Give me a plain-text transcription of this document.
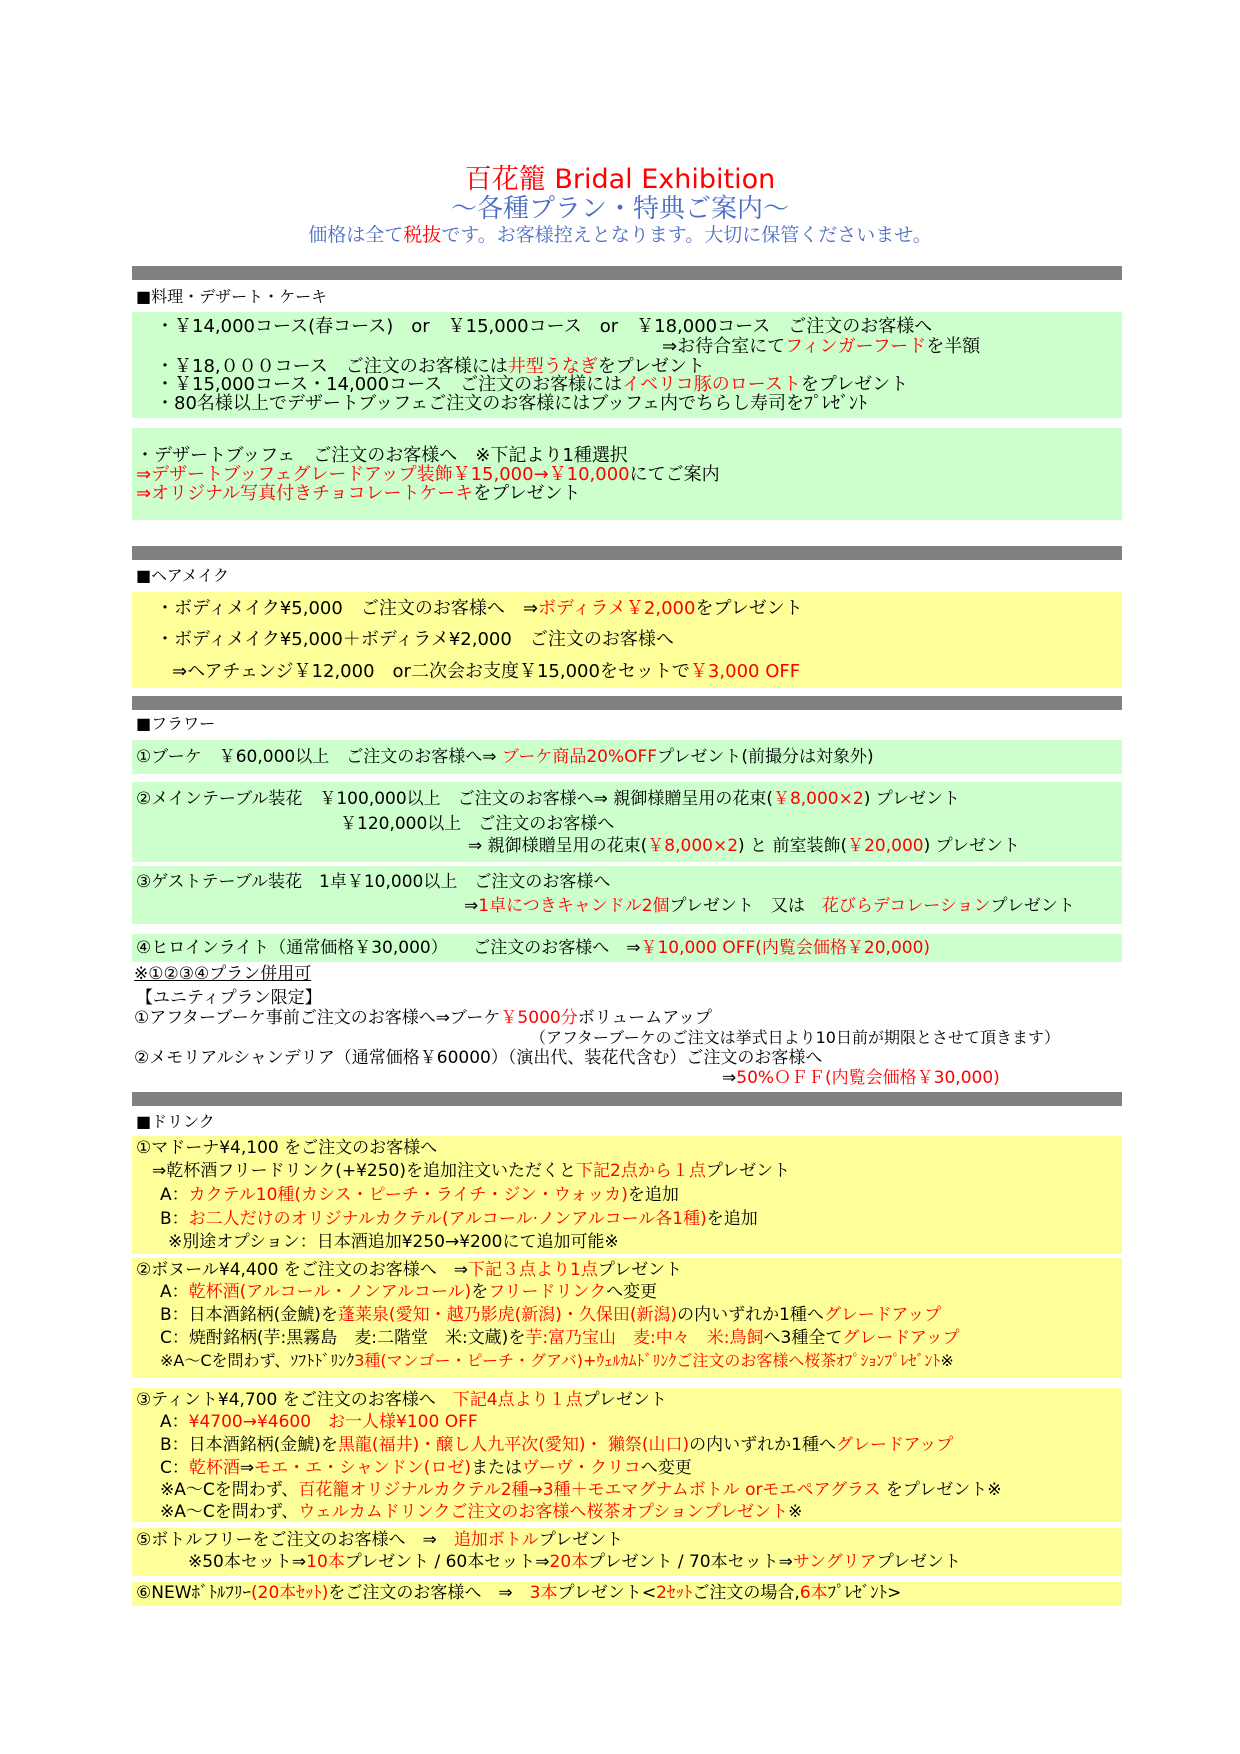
百花籠 Bridal Exhibition
〜各種プラン・特典ご案内〜
価格は全て税抜です。お客様控えとなります。大切に保管くださいませ。
■料理・デザート・ケーキ
・￥14,000コース(春コース)　or　￥15,000コース　or　￥18,000コース　ご注文のお客様へ
⇒お待合室にてフィンガーフードを半額
・￥18,０００コース　ご注文のお客様には井型うなぎをプレゼント
・￥15,000コース・14,000コース　ご注文のお客様にはイベリコ豚のローストをプレゼント
・80名様以上でデザートブッフェご注文のお客様にはブッフェ内でちらし寿司をﾌﾟﾚｾﾞﾝﾄ
・デザートブッフェ　ご注文のお客様へ　※下記より1種選択
⇒デザートブッフェグレードアップ装飾￥15,000→￥10,000にてご案内
⇒オリジナル写真付きチョコレートケーキをプレゼント
■ヘアメイク
・ボディメイク¥5,000　ご注文のお客様へ　⇒ボディラメ￥2,000をプレゼント
・ボディメイク¥5,000＋ボディラメ¥2,000　ご注文のお客様へ
⇒ヘアチェンジ￥12,000　or二次会お支度￥15,000をセットで￥3,000 OFF
■フラワー
①ブーケ　￥60,000以上　ご注文のお客様へ⇒ ブーケ商品20%OFFプレゼント(前撮分は対象外)
②メインテーブル装花　￥100,000以上　ご注文のお客様へ⇒ 親御様贈呈用の花束(￥8,000×2) プレゼント
￥120,000以上　ご注文のお客様へ
⇒ 親御様贈呈用の花束(￥8,000×2) と 前室装飾(￥20,000) プレゼント
③ゲストテーブル装花　1卓￥10,000以上　ご注文のお客様へ
⇒1卓につきキャンドル2個プレゼント　又は　花びらデコレーションプレゼント
④ヒロインライト（通常価格￥30,000）　　ご注文のお客様へ　⇒￥10,000 OFF(内覧会価格￥20,000)
※①②③④プラン併用可
【ユニティプラン限定】
①アフターブーケ事前ご注文のお客様へ⇒ブーケ￥5000分ボリュームアップ
（アフターブーケのご注文は挙式日より10日前が期限とさせて頂きます）
②メモリアルシャンデリア（通常価格￥60000）（演出代、装花代含む）ご注文のお客様へ
⇒50%ＯＦＦ(内覧会価格￥30,000)
■ドリンク
①マドーナ¥4,100 をご注文のお客様へ
⇒乾杯酒フリードリンク(+¥250)を追加注文いただくと下記2点から１点プレゼント
A：カクテル10種(カシス・ピーチ・ライチ・ジン・ウォッカ)を追加
B：お二人だけのオリジナルカクテル(アルコール·ノンアルコール各1種)を追加
※別途オプション：日本酒追加¥250→¥200にて追加可能※
②ボヌール¥4,400 をご注文のお客様へ　⇒下記３点より1点プレゼント
A：乾杯酒(アルコール・ノンアルコール)をフリードリンクへ変更
B：日本酒銘柄(金鯱)を蓬莱泉(愛知・越乃影虎(新潟)・久保田(新潟)の内いずれか1種へグレードアップ
C：焼酎銘柄(芋:黒霧島　麦:二階堂　米:文蔵)を芋:富乃宝山　麦:中々　米:鳥飼へ3種全てグレードアップ
※A〜Cを問わず、ｿﾌﾄﾄﾞﾘﾝｸ3種(マンゴー・ピーチ・グアバ)+ｳｪﾙｶﾑﾄﾞﾘﾝｸご注文のお客様へ桜茶ｵﾌﾟｼｮﾝﾌﾟﾚｾﾞﾝﾄ※
③ティント¥4,700 をご注文のお客様へ　下記4点より１点プレゼント
A：¥4700→¥4600　お一人様¥100 OFF
B：日本酒銘柄(金鯱)を黒龍(福井)・醸し人九平次(愛知)・ 獺祭(山口)の内いずれか1種へグレードアップ
C：乾杯酒⇒モエ・エ・シャンドン(ロゼ)またはヴーヴ・クリコへ変更
※A〜Cを問わず、百花籠オリジナルカクテル2種→3種＋モエマグナムボトル orモエペアグラス をプレゼント※
※A〜Cを問わず、ウェルカムドリンクご注文のお客様へ桜茶オプションプレゼント※
⑤ボトルフリーをご注文のお客様へ　⇒　追加ボトルプレゼント
※50本セット⇒10本プレゼント / 60本セット⇒20本プレゼント / 70本セット⇒サングリアプレゼント
⑥NEWﾎﾞﾄﾙﾌﾘｰ(20本ｾｯﾄ)をご注文のお客様へ　⇒　3本プレゼント<2ｾｯﾄご注文の場合,6本ﾌﾟﾚｾﾞﾝﾄ>
